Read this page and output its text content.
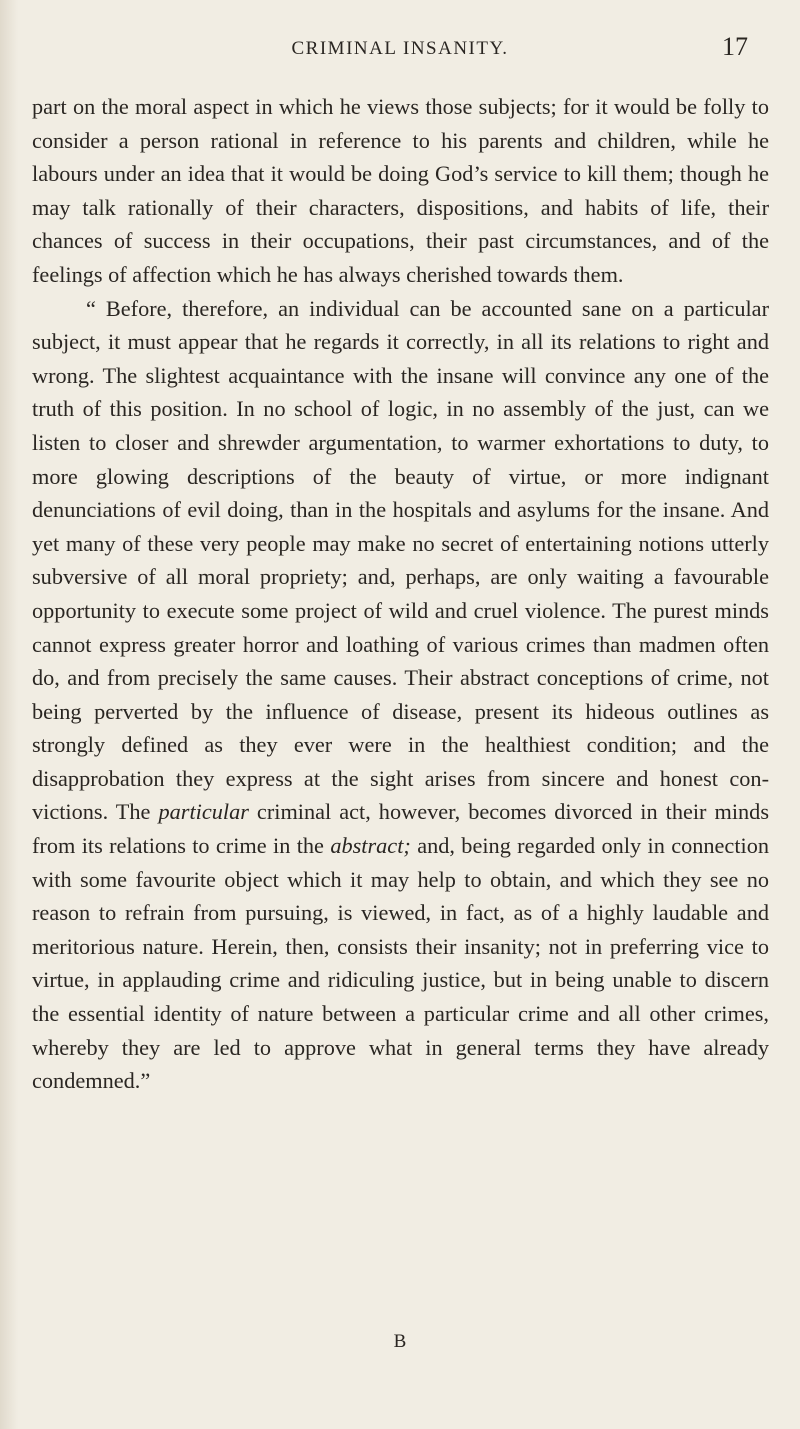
CRIMINAL INSANITY.	17

part on the moral aspect in which he views those subjects; for it would be folly to consider a person rational in reference to his parents and children, while he labours under an idea that it would be doing God’s service to kill them; though he may talk rationally of their characters, dispositions, and habits of life, their chances of success in their occupations, their past circumstances, and of the feelings of affection which he has always cherished towards them.

“ Before, therefore, an individual can be accounted sane on a particular subject, it must appear that he regards it correctly, in all its relations to right and wrong. The slightest acquaintance with the insane will convince any one of the truth of this position. In no school of logic, in no assembly of the just, can we listen to closer and shrewder argumentation, to warmer exhortations to duty, to more glowing descriptions of the beauty of virtue, or more indignant denunciations of evil doing, than in the hospitals and asylums for the insane. And yet many of these very people may make no secret of entertaining notions utterly subversive of all moral propriety; and, perhaps, are only waiting a favourable opportunity to execute some project of wild and cruel violence. The purest minds cannot express greater horror and loathing of various crimes than madmen often do, and from precisely the same causes. Their abstract conceptions of crime, not being perverted by the influence of disease, present its hideous outlines as strongly defined as they ever were in the healthiest condition; and the disapprobation they express at the sight arises from sincere and honest convictions. The particular criminal act, however, becomes divorced in their minds from its relations to crime in the abstract; and, being regarded only in connection with some favourite object which it may help to obtain, and which they see no reason to refrain from pursuing, is viewed, in fact, as of a highly laudable and meritorious nature. Herein, then, consists their insanity; not in preferring vice to virtue, in applauding crime and ridiculing justice, but in being unable to discern the essential identity of nature between a particular crime and all other crimes, whereby they are led to approve what in general terms they have already condemned.”

B
